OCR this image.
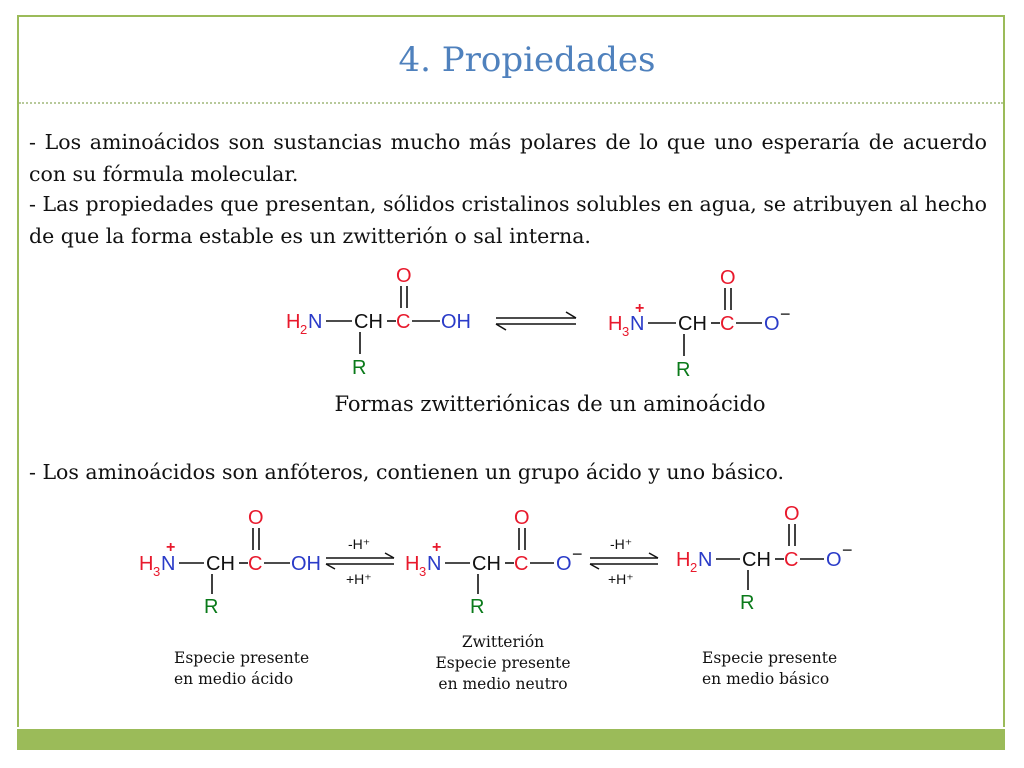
4. Propiedades
- Los aminoácidos son sustancias mucho más polares de lo que uno esperaría de acuerdo con su fórmula molecular.
- Las propiedades que presentan, sólidos cristalinos solubles en agua, se atribuyen al hecho de que la forma estable es un zwitterión o sal interna.
H 2 N CH C
O
OH
R
+
H 3 N CH C
O
O −
R
Formas zwitteriónicas de un aminoácido
- Los aminoácidos son anfóteros, contienen un grupo ácido y uno básico.
+
H 3 N CH C
O
OH
R
-H⁺
+H⁺
+
H 3 N CH C
O
O −
R
-H⁺
+H⁺
H 2 N CH C
O
O −
R
Especie presente
en medio ácido
Zwitterión
Especie presente
en medio neutro
Especie presente
en medio básico
